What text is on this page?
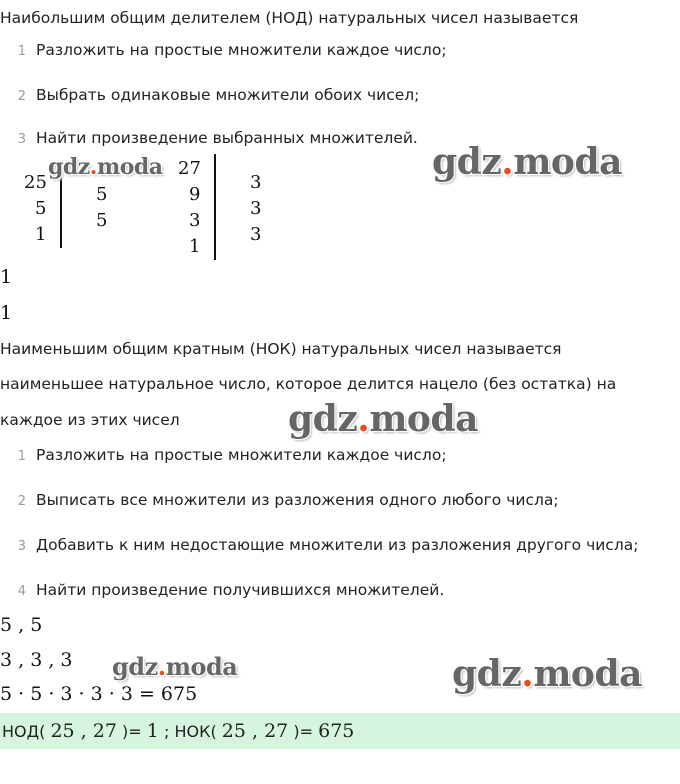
Наибольшим общим делителем (НОД) натуральных чисел называется
1 Разложить на простые множители каждое число;
2 Выбрать одинаковые множители обоих чисел;
3 Найти произведение выбранных множителей.
25
5
1
5
5
27
9
3
1
3
3
3
1
1
Наименьшим общим кратным (НОК) натуральных чисел называется
наименьшее натуральное число, которое делится нацело (без остатка) на
каждое из этих чисел
1 Разложить на простые множители каждое число;
2 Выписать все множители из разложения одного любого числа;
3 Добавить к ним недостающие множители из разложения другого числа;
4 Найти произведение получившихся множителей.
5 , 5
3 , 3 , 3
5 · 5 · 3 · 3 · 3 = 675
НОД( 25 , 27 )= 1 ; НОК( 25 , 27 )= 675
gdz.moda	gdz.moda
gdz.moda
gdz.moda	gdz.moda
